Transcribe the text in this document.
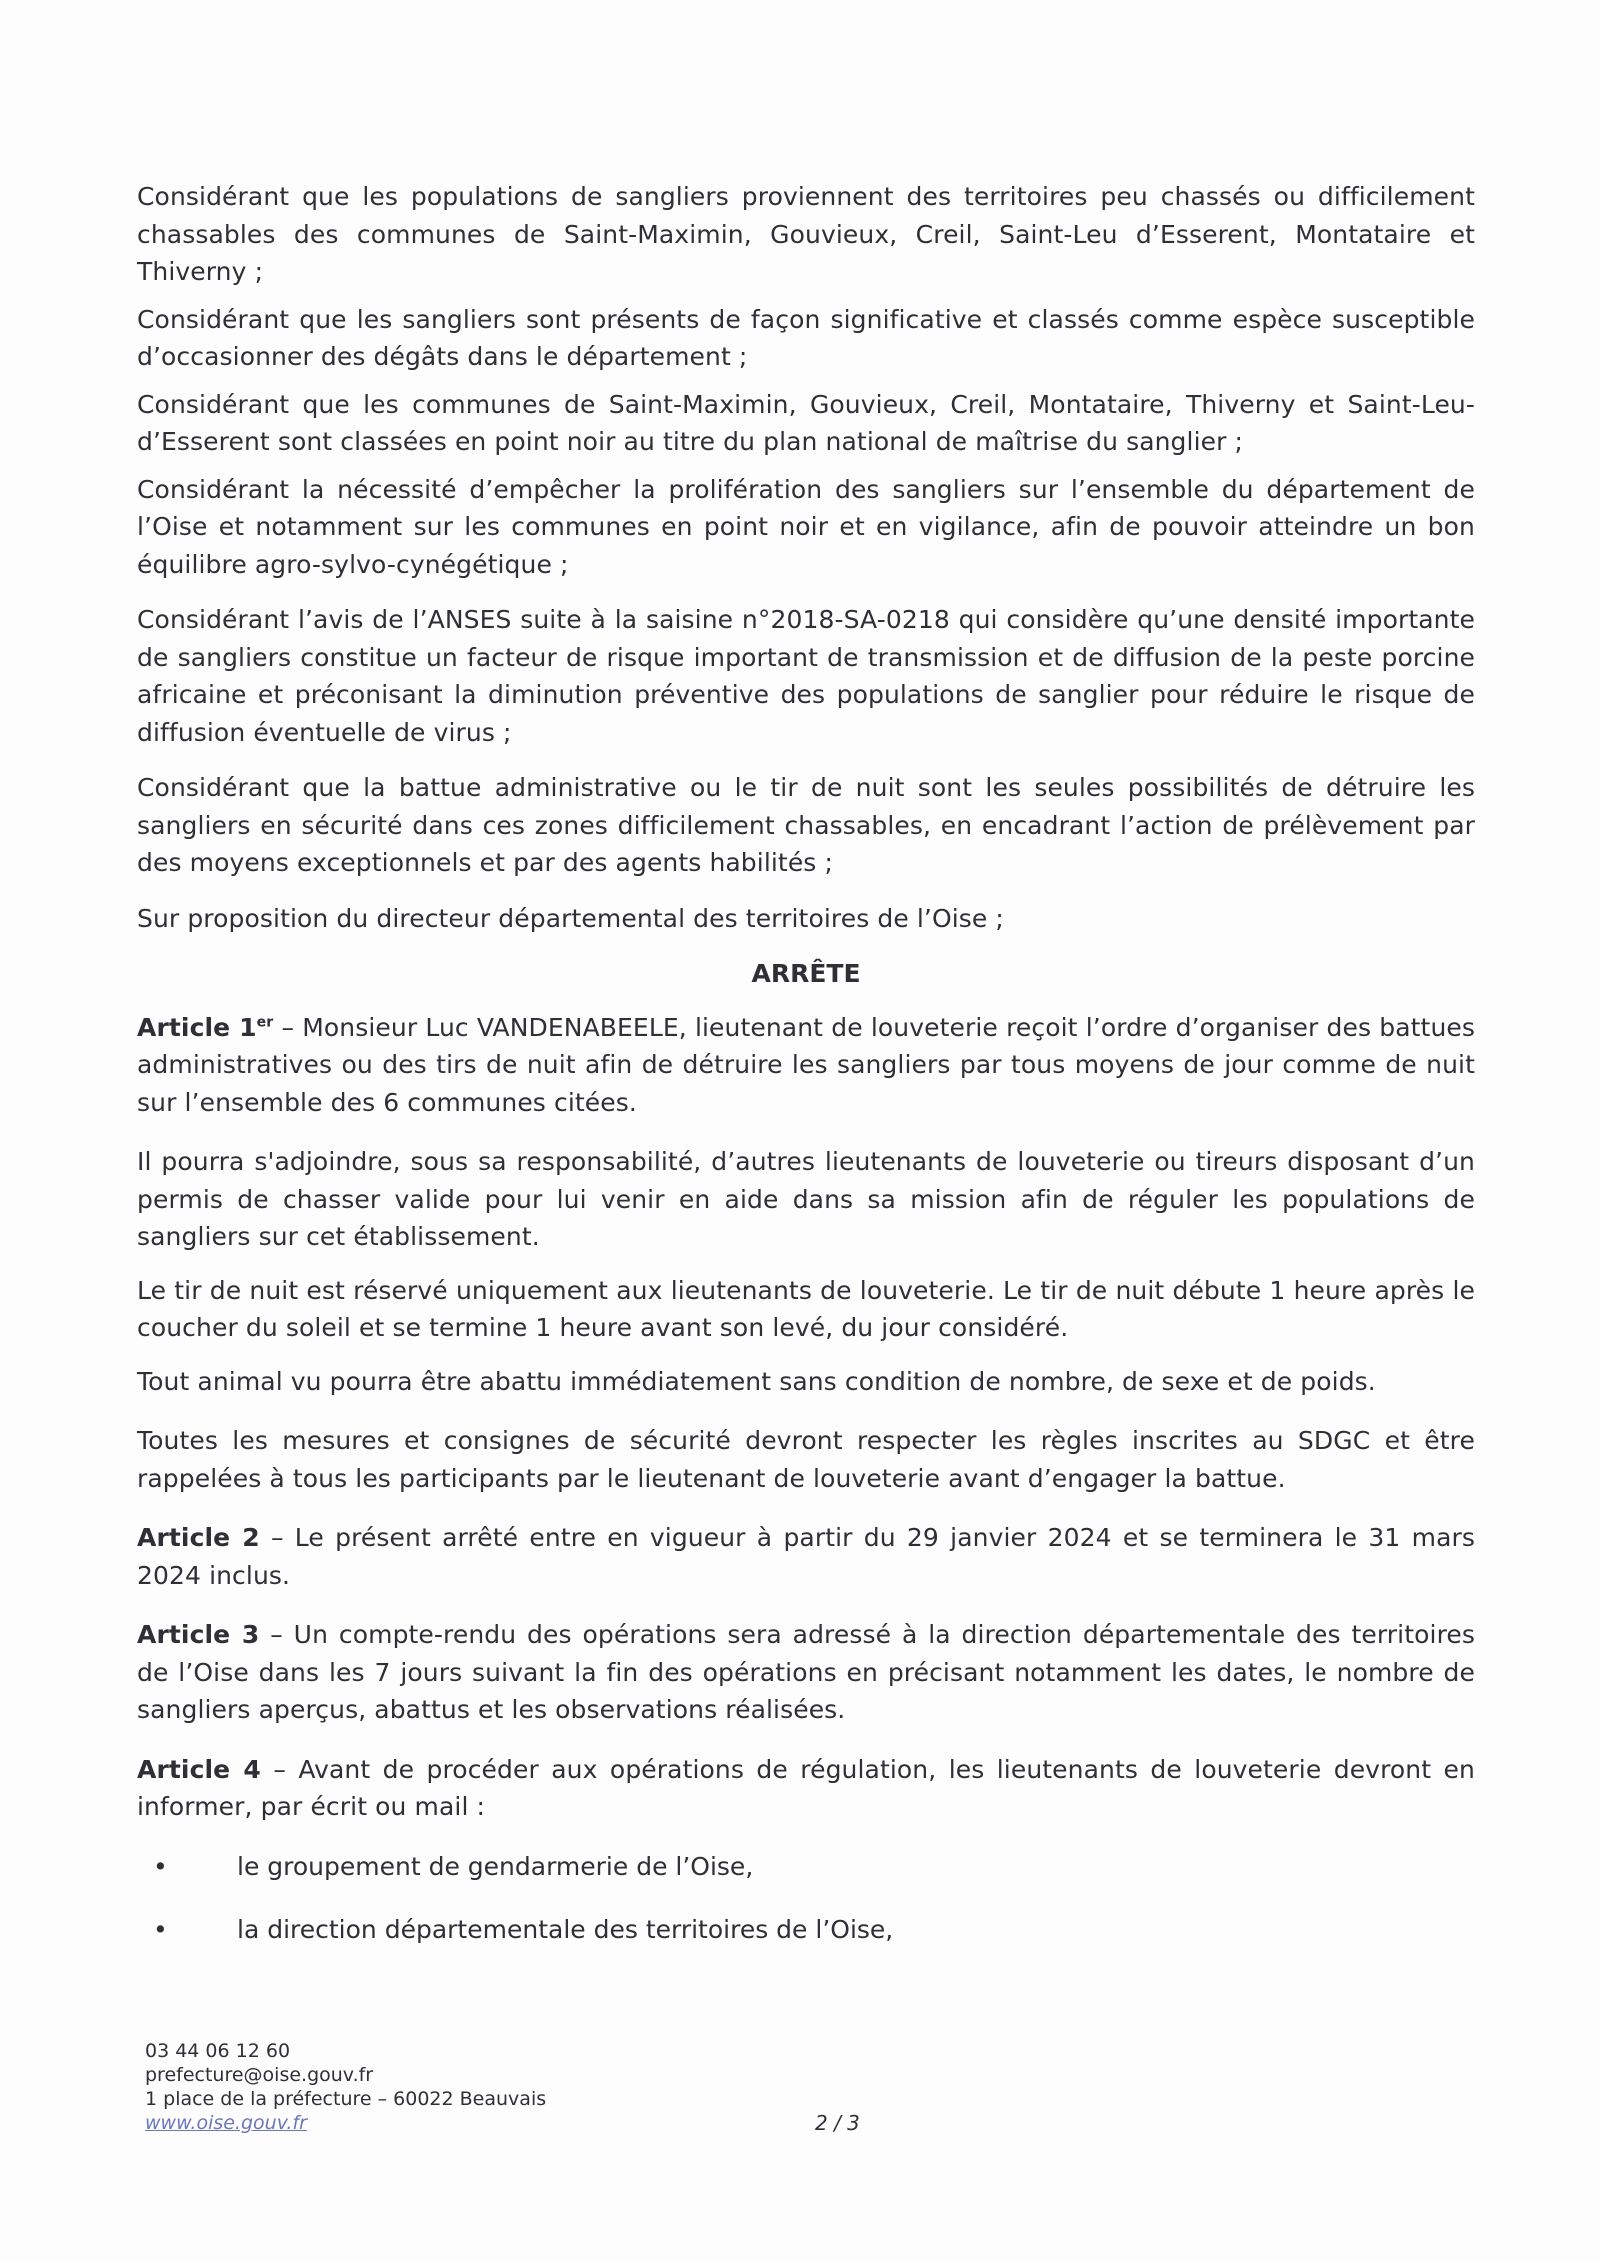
Considérant que les populations de sangliers proviennent des territoires peu chassés ou difficilement chassables des communes de Saint-Maximin, Gouvieux, Creil, Saint-Leu d’Esserent, Montataire et Thiverny ;

Considérant que les sangliers sont présents de façon significative et classés comme espèce susceptible d’occasionner des dégâts dans le département ;

Considérant que les communes de Saint-Maximin, Gouvieux, Creil, Montataire, Thiverny et Saint-Leu-d’Esserent sont classées en point noir au titre du plan national de maîtrise du sanglier ;

Considérant la nécessité d’empêcher la prolifération des sangliers sur l’ensemble du département de l’Oise et notamment sur les communes en point noir et en vigilance, afin de pouvoir atteindre un bon équilibre agro-sylvo-cynégétique ;

Considérant l’avis de l’ANSES suite à la saisine n°2018-SA-0218 qui considère qu’une densité importante de sangliers constitue un facteur de risque important de transmission et de diffusion de la peste porcine africaine et préconisant la diminution préventive des populations de sanglier pour réduire le risque de diffusion éventuelle de virus ;

Considérant que la battue administrative ou le tir de nuit sont les seules possibilités de détruire les sangliers en sécurité dans ces zones difficilement chassables, en encadrant l’action de prélèvement par des moyens exceptionnels et par des agents habilités ;

Sur proposition du directeur départemental des territoires de l’Oise ;

ARRÊTE

Article 1er – Monsieur Luc VANDENABEELE, lieutenant de louveterie reçoit l’ordre d’organiser des battues administratives ou des tirs de nuit afin de détruire les sangliers par tous moyens de jour comme de nuit sur l’ensemble des 6 communes citées.

Il pourra s'adjoindre, sous sa responsabilité, d’autres lieutenants de louveterie ou tireurs disposant d’un permis de chasser valide pour lui venir en aide dans sa mission afin de réguler les populations de sangliers sur cet établissement.

Le tir de nuit est réservé uniquement aux lieutenants de louveterie. Le tir de nuit débute 1 heure après le coucher du soleil et se termine 1 heure avant son levé, du jour considéré.

Tout animal vu pourra être abattu immédiatement sans condition de nombre, de sexe et de poids.

Toutes les mesures et consignes de sécurité devront respecter les règles inscrites au SDGC et être rappelées à tous les participants par le lieutenant de louveterie avant d’engager la battue.

Article 2 – Le présent arrêté entre en vigueur à partir du 29 janvier 2024 et se terminera le 31 mars 2024 inclus.

Article 3 – Un compte-rendu des opérations sera adressé à la direction départementale des territoires de l’Oise dans les 7 jours suivant la fin des opérations en précisant notamment les dates, le nombre de sangliers aperçus, abattus et les observations réalisées.

Article 4 – Avant de procéder aux opérations de régulation, les lieutenants de louveterie devront en informer, par écrit ou mail :

•	le groupement de gendarmerie de l’Oise,

•	la direction départementale des territoires de l’Oise,

03 44 06 12 60
prefecture@oise.gouv.fr
1 place de la préfecture – 60022 Beauvais
www.oise.gouv.fr	2 / 3
